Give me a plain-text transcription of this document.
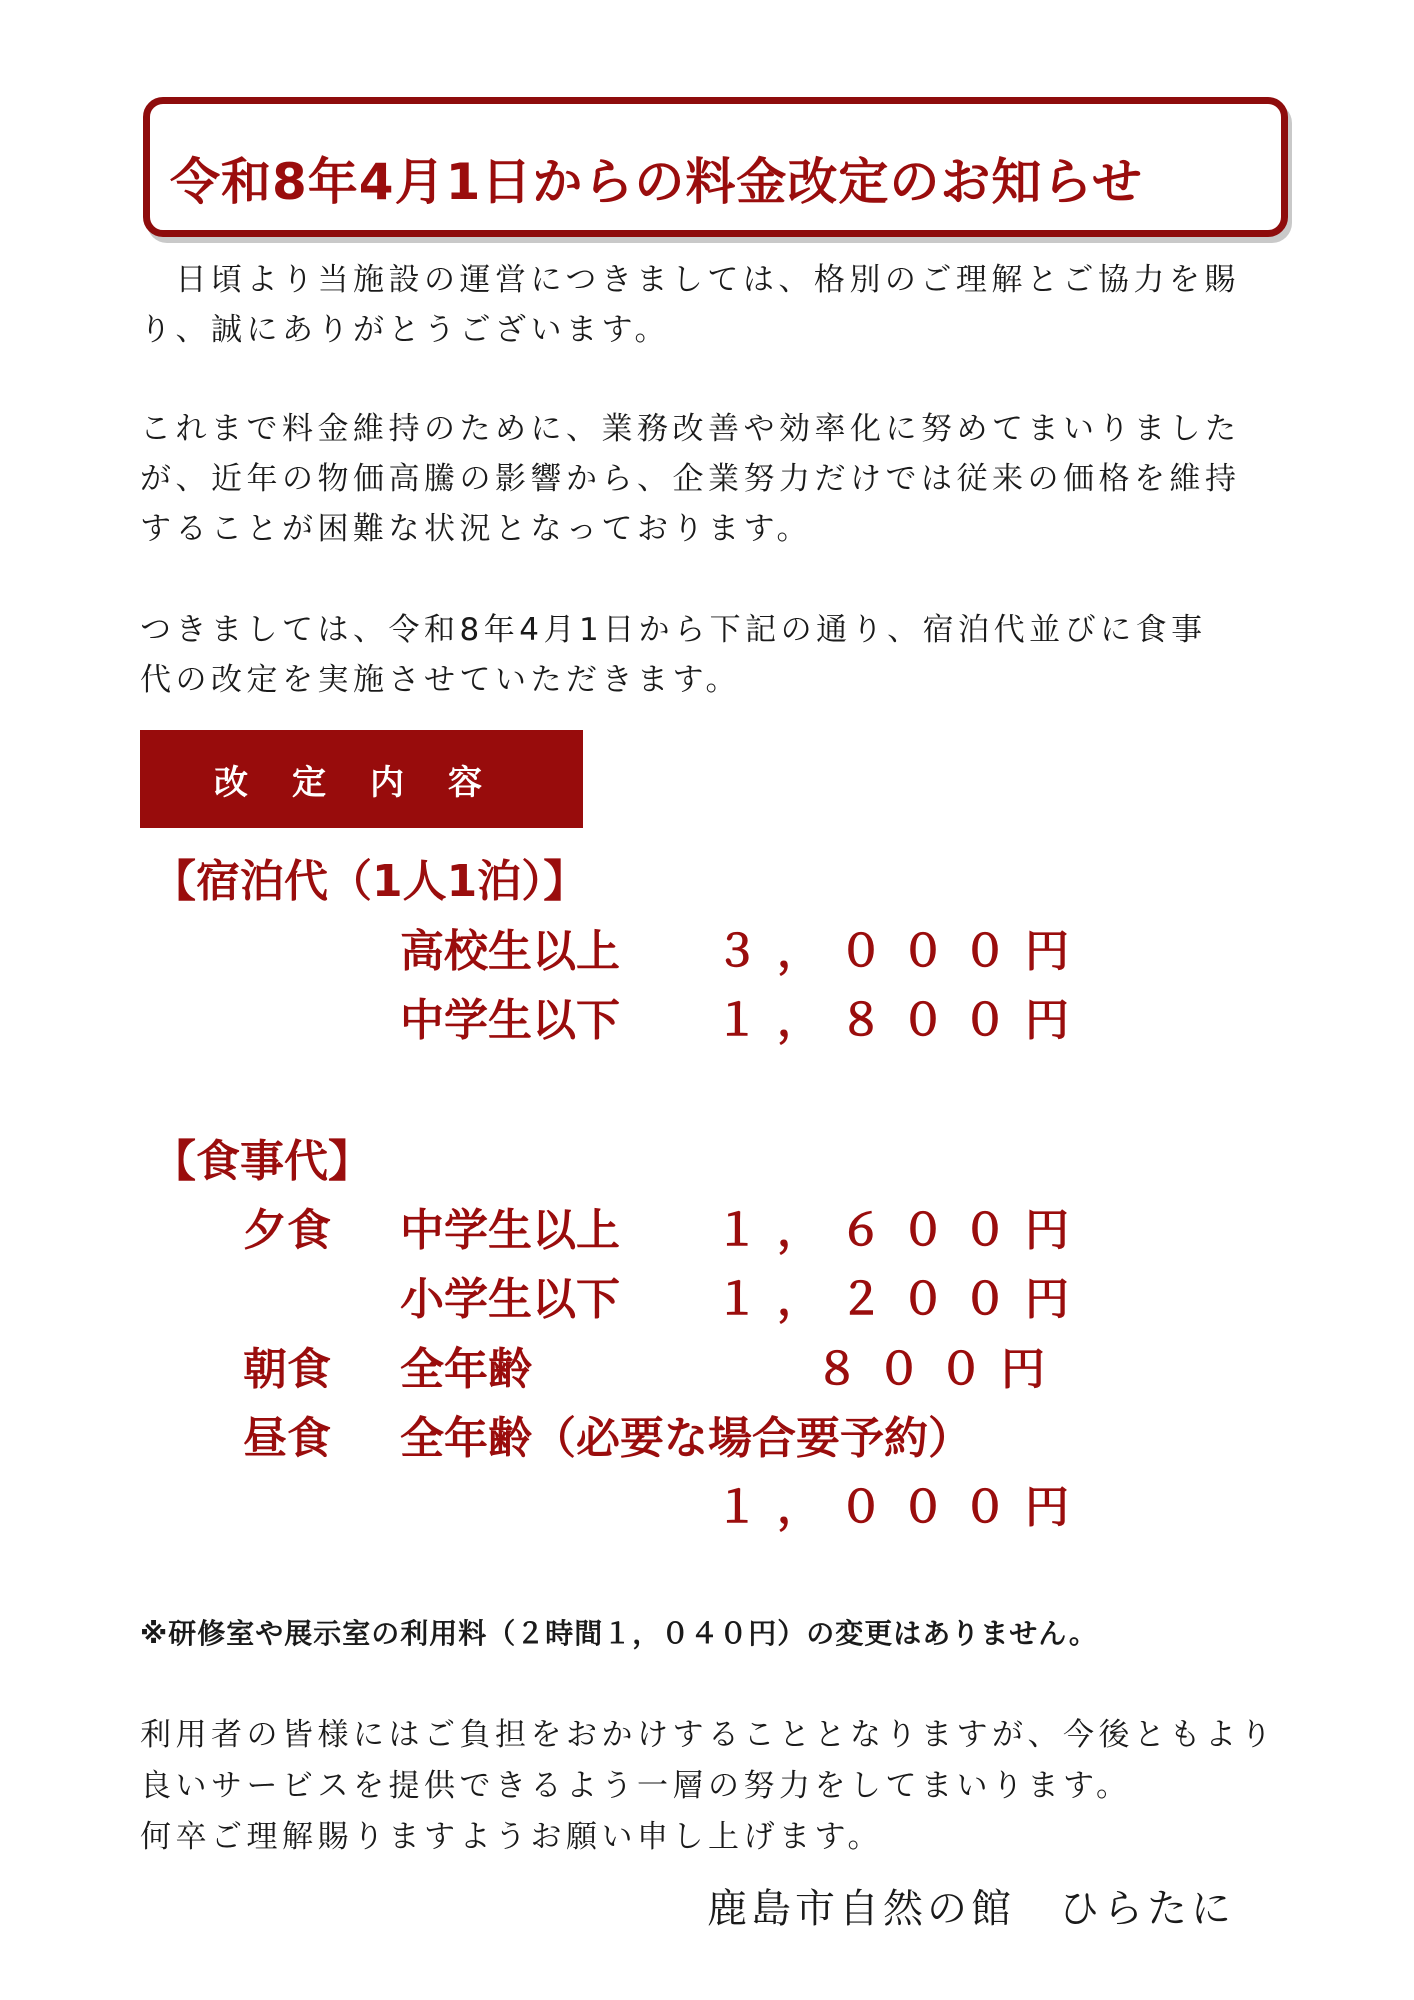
令和8年4月1日からの料金改定のお知らせ
　日頃より当施設の運営につきましては、格別のご理解とご協力を賜
り、誠にありがとうございます。
これまで料金維持のために、業務改善や効率化に努めてまいりました
が、近年の物価高騰の影響から、企業努力だけでは従来の価格を維持
することが困難な状況となっております。
つきましては、令和8年4月1日から下記の通り、宿泊代並びに食事
代の改定を実施させていただきます。
改定内容
【宿泊代（1人1泊）】
高校生以上 ３，０００円
中学生以下 １，８００円
【食事代】
夕食 中学生以上 １，６００円
小学生以下 １，２００円
朝食 全年齢	８００円
昼食 全年齢（必要な場合要予約）
１，０００円
※研修室や展示室の利用料（２時間１，０４０円）の変更はありません。
利用者の皆様にはご負担をおかけすることとなりますが、今後ともより
良いサービスを提供できるよう一層の努力をしてまいります。
何卒ご理解賜りますようお願い申し上げます。
鹿島市自然の館　ひらたに
